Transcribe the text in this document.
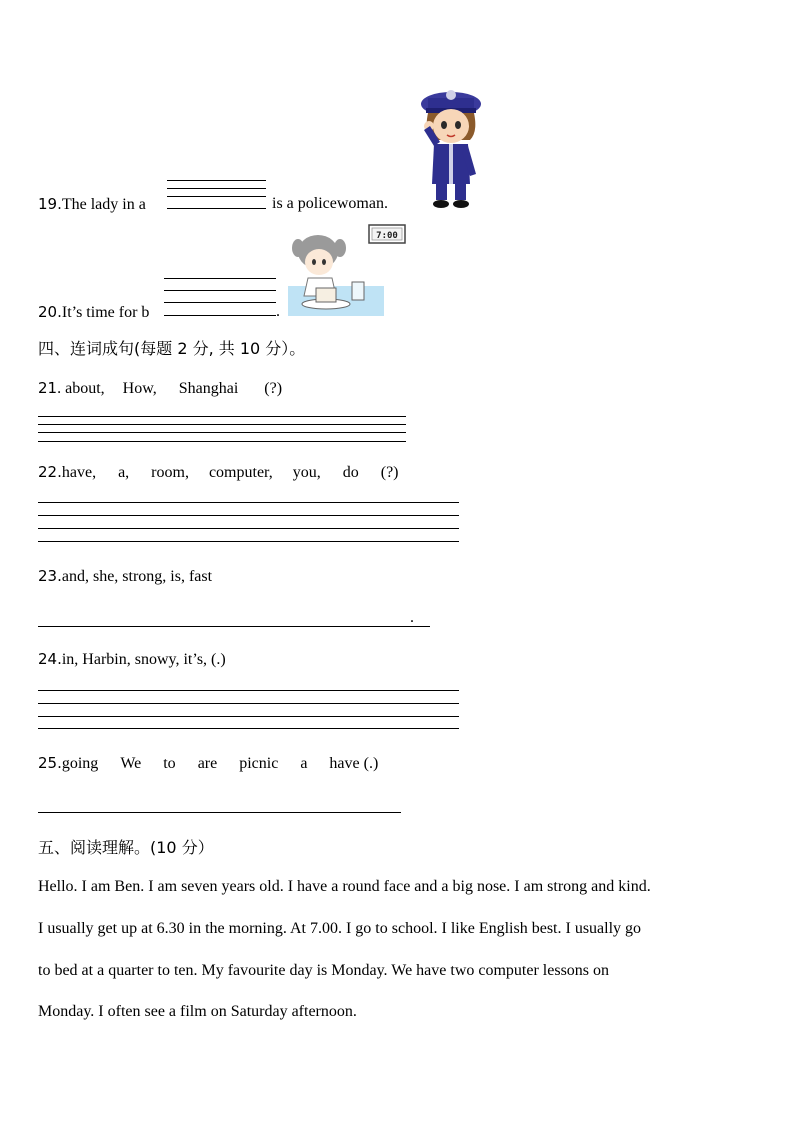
19.The lady in a	is a policewoman.
7:00
20.It’s time for b	.
四、连词成句(每题 2 分, 共 10 分）。
21. about, How, Shanghai (?)
22.have, a, room, computer, you, do (?)
23.and, she, strong, is, fast
.
24.in, Harbin, snowy, it’s, (.)
25.going We to are picnic a have (.)
五、阅读理解。(10 分）
Hello. I am Ben. I am seven years old. I have a round face and a big nose. I am strong and kind.
I usually get up at 6.30 in the morning. At 7.00. I go to school. I like English best. I usually go
to bed at a quarter to ten. My favourite day is Monday. We have two computer lessons on
Monday. I often see a film on Saturday afternoon.
